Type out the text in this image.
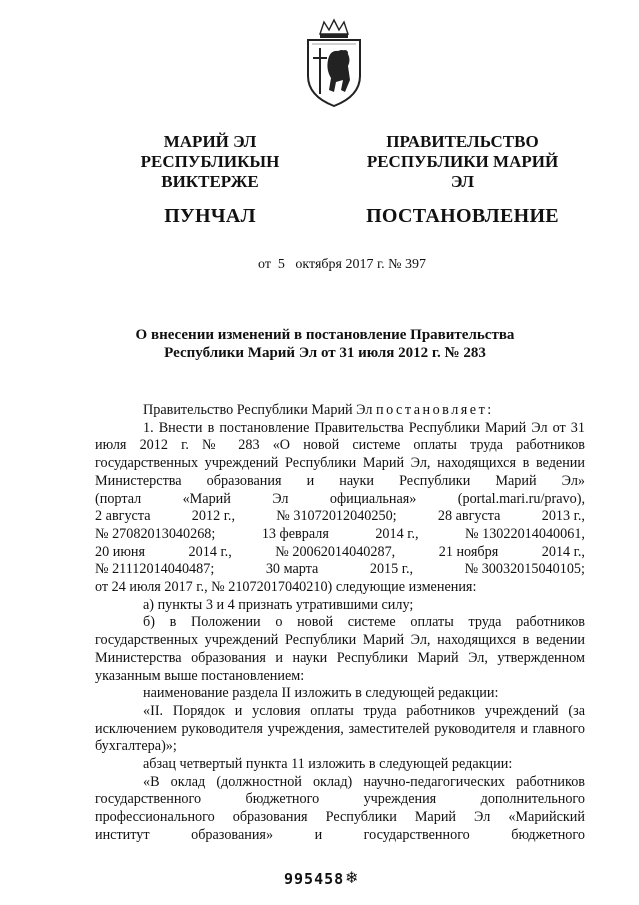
МАРИЙ ЭЛ РЕСПУБЛИКЫН
ВИКТЕРЖЕ
ПУНЧАЛ
ПРАВИТЕЛЬСТВО
РЕСПУБЛИКИ МАРИЙ ЭЛ
ПОСТАНОВЛЕНИЕ
от  5   октября 2017 г. № 397
О внесении изменений в постановление Правительства
Республики Марий Эл от 31 июля 2012 г. № 283
Правительство Республики Марий Эл постановляет:
1. Внести в постановление Правительства Республики Марий Эл от 31 июля 2012 г. № 283 «О новой системе оплаты труда работников государственных учреждений Республики Марий Эл, находящихся в ведении Министерства образования и науки Республики Марий Эл»
(портал	«Марий	Эл	официальная»	(portal.mari.ru/pravo),
2 августа	2012 г.,	№ 31072012040250;	28 августа	2013 г.,
№ 27082013040268;	13 февраля	2014 г.,	№ 13022014040061,
20 июня	2014 г.,	№ 20062014040287,	21 ноября	2014 г.,
№ 21112014040487;	30 марта	2015 г.,	№ 30032015040105;
от 24 июля 2017 г., № 21072017040210) следующие изменения:
а) пункты 3 и 4 признать утратившими силу;
б) в Положении о новой системе оплаты труда работников государственных учреждений Республики Марий Эл, находящихся в ведении Министерства образования и науки Республики Марий Эл, утвержденном указанным выше постановлением:
наименование раздела II изложить в следующей редакции:
«II. Порядок и условия оплаты труда работников учреждений (за исключением руководителя учреждения, заместителей руководителя и главного бухгалтера)»;
абзац четвертый пункта 11 изложить в следующей редакции:
«В оклад (должностной оклад) научно-педагогических работников государственного бюджетного учреждения дополнительного профессионального образования Республики Марий Эл «Марийский
институт	образования»	и	государственного	бюджетного
995458 ❄
